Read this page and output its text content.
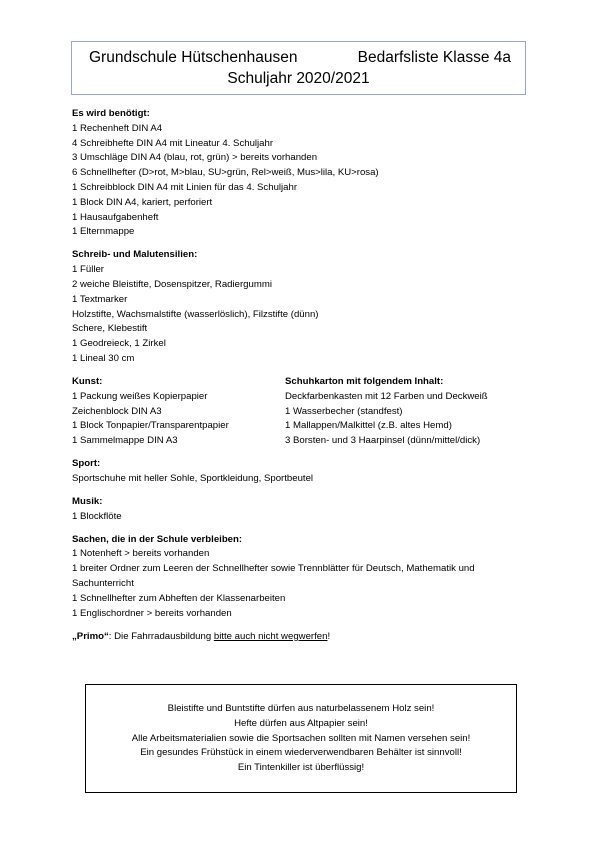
Grundschule Hütschenhausen	Bedarfsliste Klasse 4a
Schuljahr 2020/2021
Es wird benötigt:
1 Rechenheft DIN A4
4 Schreibhefte DIN A4 mit Lineatur 4. Schuljahr
3 Umschläge DIN A4 (blau, rot, grün) > bereits vorhanden
6 Schnellhefter (D>rot, M>blau, SU>grün, Rel>weiß, Mus>lila, KU>rosa)
1 Schreibblock DIN A4 mit Linien für das 4. Schuljahr
1 Block DIN A4, kariert, perforiert
1 Hausaufgabenheft
1 Elternmappe
Schreib- und Malutensilien:
1 Füller
2 weiche Bleistifte, Dosenspitzer, Radiergummi
1 Textmarker
Holzstifte, Wachsmalstifte (wasserlöslich), Filzstifte (dünn)
Schere, Klebestift
1 Geodreieck, 1 Zirkel
1 Lineal 30 cm
Kunst:
1 Packung weißes Kopierpapier
Zeichenblock DIN A3
1 Block Tonpapier/Transparentpapier
1 Sammelmappe DIN A3
Schuhkarton mit folgendem Inhalt:
Deckfarbenkasten mit 12 Farben und Deckweiß
1 Wasserbecher (standfest)
1 Mallappen/Malkittel (z.B. altes Hemd)
3 Borsten- und 3 Haarpinsel (dünn/mittel/dick)
Sport:
Sportschuhe mit heller Sohle, Sportkleidung, Sportbeutel
Musik:
1 Blockflöte
Sachen, die in der Schule verbleiben:
1 Notenheft > bereits vorhanden
1 breiter Ordner zum Leeren der Schnellhefter sowie Trennblätter für Deutsch, Mathematik und
Sachunterricht
1 Schnellhefter zum Abheften der Klassenarbeiten
1 Englischordner > bereits vorhanden
„Primo“: Die Fahrradausbildung bitte auch nicht wegwerfen!
Bleistifte und Buntstifte dürfen aus naturbelassenem Holz sein!
Hefte dürfen aus Altpapier sein!
Alle Arbeitsmaterialien sowie die Sportsachen sollten mit Namen versehen sein!
Ein gesundes Frühstück in einem wiederverwendbaren Behälter ist sinnvoll!
Ein Tintenkiller ist überflüssig!
